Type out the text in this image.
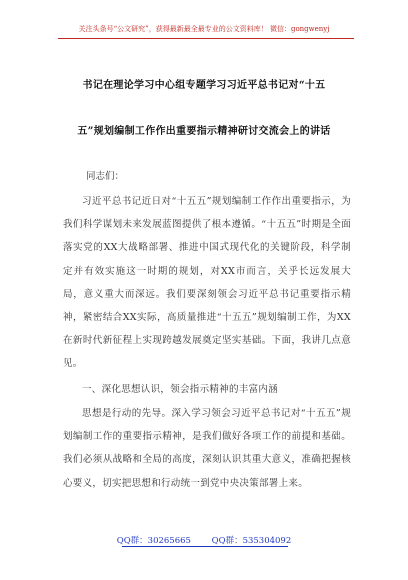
关注头条号“公文研究”，获得最新最全最专业的公文资料库！ 微信：gongwenyj
书记在理论学习中心组专题学习习近平总书记对“十五
五”规划编制工作作出重要指示精神研讨交流会上的讲话
同志们：
习近平总书记近日对“十五五”规划编制工作作出重要指示，为我们科学谋划未来发展蓝图提供了根本遵循。“十五五”时期是全面落实党的XX大战略部署、推进中国式现代化的关键阶段，科学制定并有效实施这一时期的规划，对XX市而言，关乎长远发展大局，意义重大而深远。我们要深刻领会习近平总书记重要指示精神，紧密结合XX实际，高质量推进“十五五”规划编制工作，为XX在新时代新征程上实现跨越发展奠定坚实基础。下面，我讲几点意见。
一、深化思想认识，领会指示精神的丰富内涵
思想是行动的先导。深入学习领会习近平总书记对“十五五”规划编制工作的重要指示精神，是我们做好各项工作的前提和基础。我们必须从战略和全局的高度，深刻认识其重大意义，准确把握核心要义，切实把思想和行动统一到党中央决策部署上来。
QQ群：30265665 QQ群：535304092
